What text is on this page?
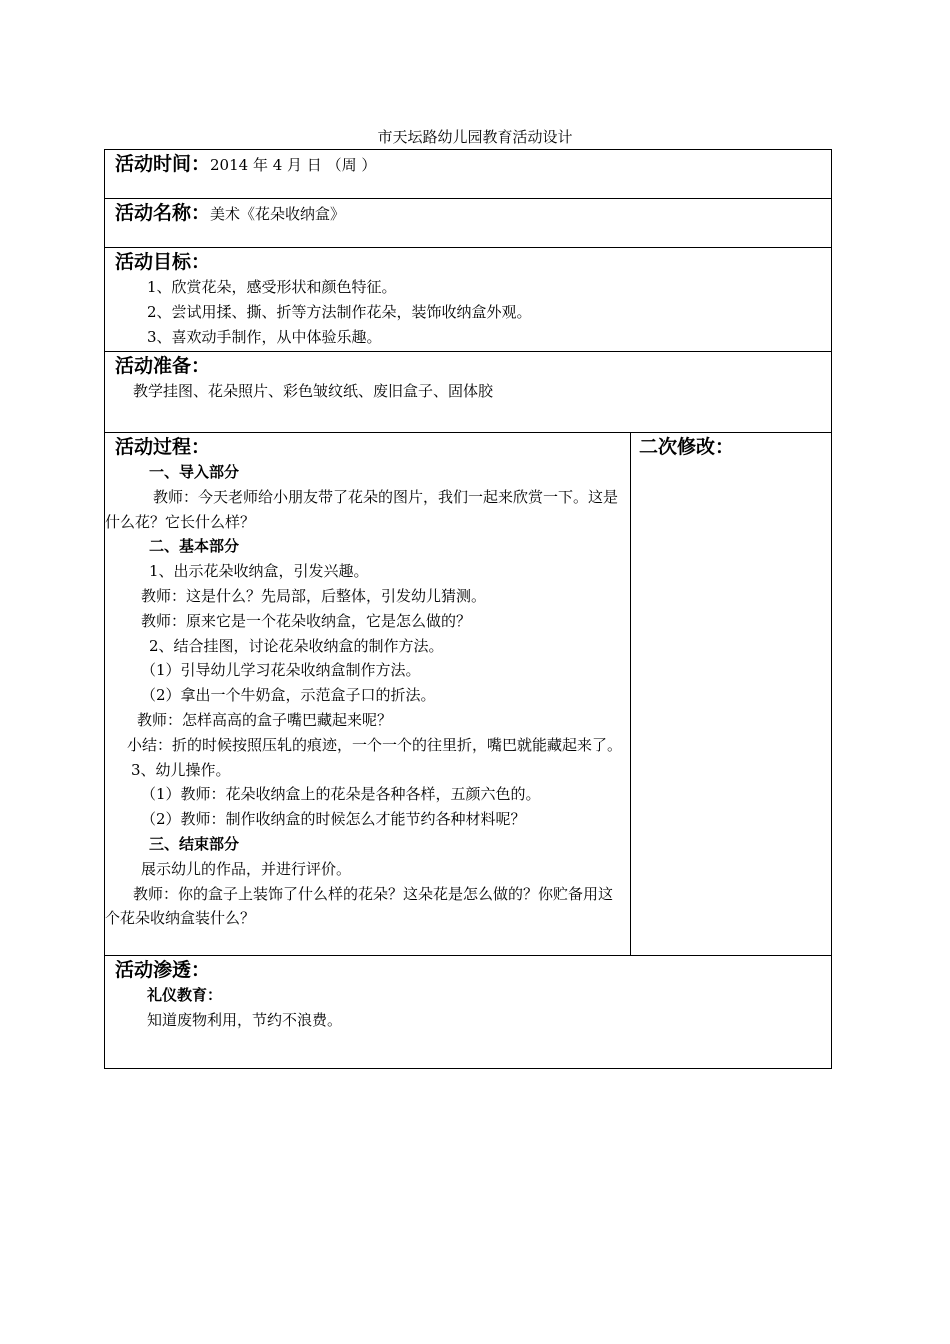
市天坛路幼儿园教育活动设计
活动时间：2014 年 4 月 日 （周 ）

活动名称：美术《花朵收纳盒》

活动目标：
1、欣赏花朵，感受形状和颜色特征。
2、尝试用揉、撕、折等方法制作花朵，装饰收纳盒外观。
3、喜欢动手制作，从中体验乐趣。

活动准备：
教学挂图、花朵照片、彩色皱纹纸、废旧盒子、固体胶

活动过程：
一、导入部分
教师：今天老师给小朋友带了花朵的图片，我们一起来欣赏一下。这是什么花？它长什么样？
二、基本部分
1、出示花朵收纳盒，引发兴趣。
教师：这是什么？先局部，后整体，引发幼儿猜测。
教师：原来它是一个花朵收纳盒，它是怎么做的？
2、结合挂图，讨论花朵收纳盒的制作方法。
（1）引导幼儿学习花朵收纳盒制作方法。
（2）拿出一个牛奶盒，示范盒子口的折法。
教师：怎样高高的盒子嘴巴藏起来呢？
小结：折的时候按照压轧的痕迹，一个一个的往里折，嘴巴就能藏起来了。
3、幼儿操作。
（1）教师：花朵收纳盒上的花朵是各种各样，五颜六色的。
（2）教师：制作收纳盒的时候怎么才能节约各种材料呢？
三、结束部分
展示幼儿的作品，并进行评价。
教师：你的盒子上装饰了什么样的花朵？这朵花是怎么做的？你贮备用这个花朵收纳盒装什么？

二次修改：

活动渗透：
礼仪教育：
知道废物利用，节约不浪费。
